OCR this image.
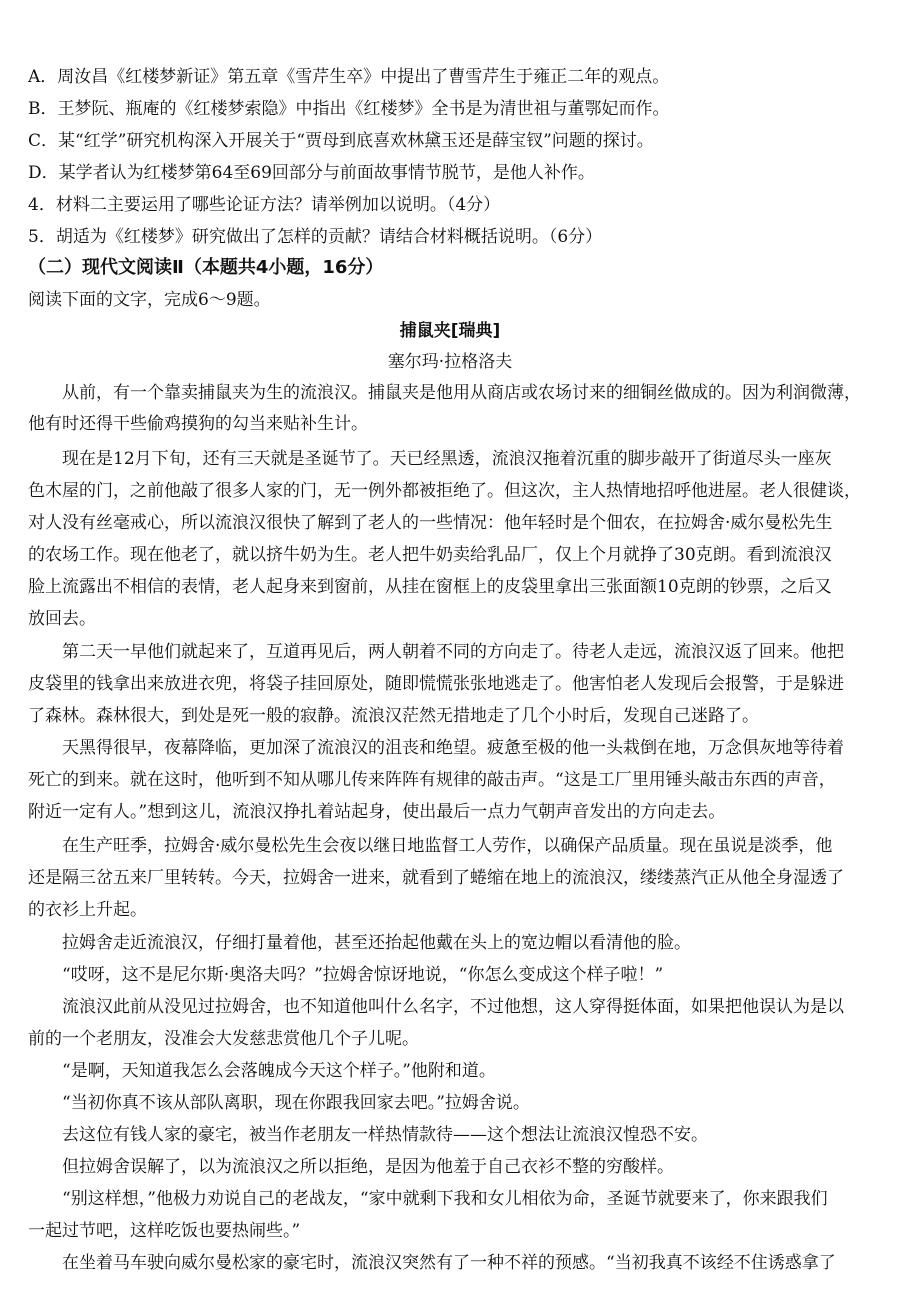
A．周汝昌《红楼梦新证》第五章《雪芹生卒》中提出了曹雪芹生于雍正二年的观点。
B．王梦阮、瓶庵的《红楼梦索隐》中指出《红楼梦》全书是为清世祖与董鄂妃而作。
C．某“红学”研究机构深入开展关于“贾母到底喜欢林黛玉还是薛宝钗”问题的探讨。
D．某学者认为红楼梦第64至69回部分与前面故事情节脱节，是他人补作。
4．材料二主要运用了哪些论证方法？请举例加以说明。（4分）
5．胡适为《红楼梦》研究做出了怎样的贡献？请结合材料概括说明。（6分）
（二）现代文阅读Ⅱ（本题共4小题，16分）
阅读下面的文字，完成6～9题。
捕鼠夹[瑞典]
塞尔玛·拉格洛夫
从前，有一个靠卖捕鼠夹为生的流浪汉。捕鼠夹是他用从商店或农场讨来的细铜丝做成的。因为利润微薄，
他有时还得干些偷鸡摸狗的勾当来贴补生计。
现在是12月下旬，还有三天就是圣诞节了。天已经黑透，流浪汉拖着沉重的脚步敲开了街道尽头一座灰
色木屋的门，之前他敲了很多人家的门，无一例外都被拒绝了。但这次，主人热情地招呼他进屋。老人很健谈，
对人没有丝毫戒心，所以流浪汉很快了解到了老人的一些情况：他年轻时是个佃农，在拉姆舍·威尔曼松先生
的农场工作。现在他老了，就以挤牛奶为生。老人把牛奶卖给乳品厂，仅上个月就挣了30克朗。看到流浪汉
脸上流露出不相信的表情，老人起身来到窗前，从挂在窗框上的皮袋里拿出三张面额10克朗的钞票，之后又
放回去。
第二天一早他们就起来了，互道再见后，两人朝着不同的方向走了。待老人走远，流浪汉返了回来。他把
皮袋里的钱拿出来放进衣兜，将袋子挂回原处，随即慌慌张张地逃走了。他害怕老人发现后会报警，于是躲进
了森林。森林很大，到处是死一般的寂静。流浪汉茫然无措地走了几个小时后，发现自己迷路了。
天黑得很早，夜幕降临，更加深了流浪汉的沮丧和绝望。疲惫至极的他一头栽倒在地，万念俱灰地等待着
死亡的到来。就在这时，他听到不知从哪儿传来阵阵有规律的敲击声。“这是工厂里用锤头敲击东西的声音，
附近一定有人。”想到这儿，流浪汉挣扎着站起身，使出最后一点力气朝声音发出的方向走去。
在生产旺季，拉姆舍·威尔曼松先生会夜以继日地监督工人劳作，以确保产品质量。现在虽说是淡季，他
还是隔三岔五来厂里转转。今天，拉姆舍一进来，就看到了蜷缩在地上的流浪汉，缕缕蒸汽正从他全身湿透了
的衣衫上升起。
拉姆舍走近流浪汉，仔细打量着他，甚至还抬起他戴在头上的宽边帽以看清他的脸。
“哎呀，这不是尼尔斯·奥洛夫吗？”拉姆舍惊讶地说，“你怎么变成这个样子啦！”
流浪汉此前从没见过拉姆舍，也不知道他叫什么名字，不过他想，这人穿得挺体面，如果把他误认为是以
前的一个老朋友，没准会大发慈悲赏他几个子儿呢。
“是啊，天知道我怎么会落魄成今天这个样子。”他附和道。
“当初你真不该从部队离职，现在你跟我回家去吧。”拉姆舍说。
去这位有钱人家的豪宅，被当作老朋友一样热情款待——这个想法让流浪汉惶恐不安。
但拉姆舍误解了，以为流浪汉之所以拒绝，是因为他羞于自己衣衫不整的穷酸样。
“别这样想，”他极力劝说自己的老战友，“家中就剩下我和女儿相依为命，圣诞节就要来了，你来跟我们
一起过节吧，这样吃饭也要热闹些。”
在坐着马车驶向威尔曼松家的豪宅时，流浪汉突然有了一种不祥的预感。“当初我真不该经不住诱惑拿了
